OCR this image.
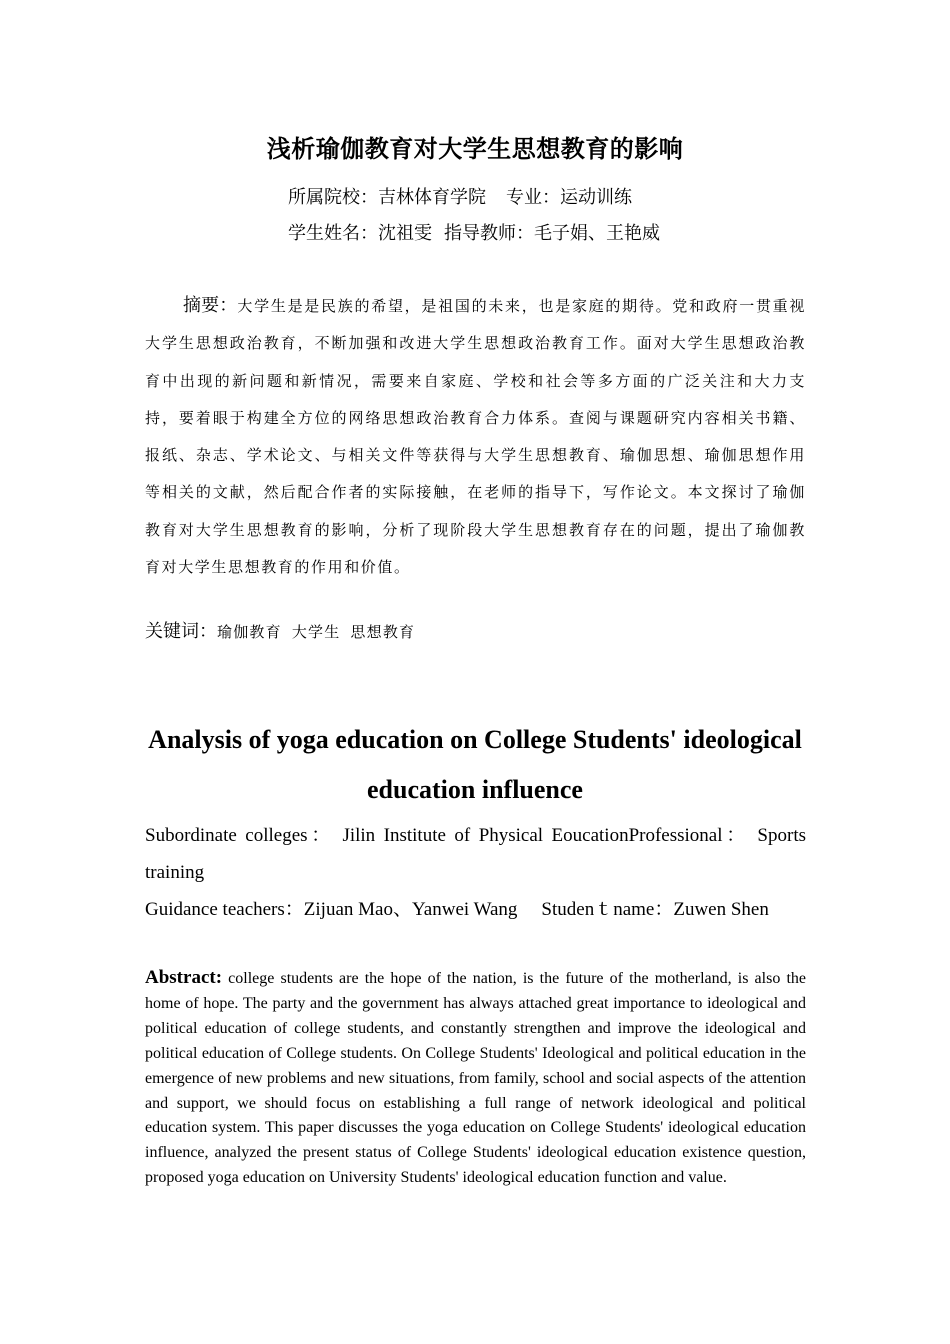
浅析瑜伽教育对大学生思想教育的影响
所属院校：吉林体育学院 专业：运动训练
学生姓名：沈祖雯 指导教师：毛子娟、王艳威

摘要：大学生是是民族的希望，是祖国的未来，也是家庭的期待。党和政府一贯重视大学生思想政治教育，不断加强和改进大学生思想政治教育工作。面对大学生思想政治教育中出现的新问题和新情况，需要来自家庭、学校和社会等多方面的广泛关注和大力支持，要着眼于构建全方位的网络思想政治教育合力体系。查阅与课题研究内容相关书籍、报纸、杂志、学术论文、与相关文件等获得与大学生思想教育、瑜伽思想、瑜伽思想作用等相关的文献，然后配合作者的实际接触，在老师的指导下，写作论文。本文探讨了瑜伽教育对大学生思想教育的影响，分析了现阶段大学生思想教育存在的问题，提出了瑜伽教育对大学生思想教育的作用和价值。

关键词：瑜伽教育 大学生 思想教育
Analysis of yoga education on College Students' ideological
education influence

Subordinate colleges： Jilin Institute of Physical EoucationProfessional： Sports training

Guidance teachers：Zijuan Mao、Yanwei Wang Studenｔname：Zuwen Shen

Abstract: college students are the hope of the nation, is the future of the motherland, is also the home of hope. The party and the government has always attached great importance to ideological and political education of college students, and constantly strengthen and improve the ideological and political education of College students. On College Students' Ideological and political education in the emergence of new problems and new situations, from family, school and social aspects of the attention and support, we should focus on establishing a full range of network ideological and political education system. This paper discusses the yoga education on College Students' ideological education influence, analyzed the present status of College Students' ideological education existence question, proposed yoga education on University Students' ideological education function and value.
